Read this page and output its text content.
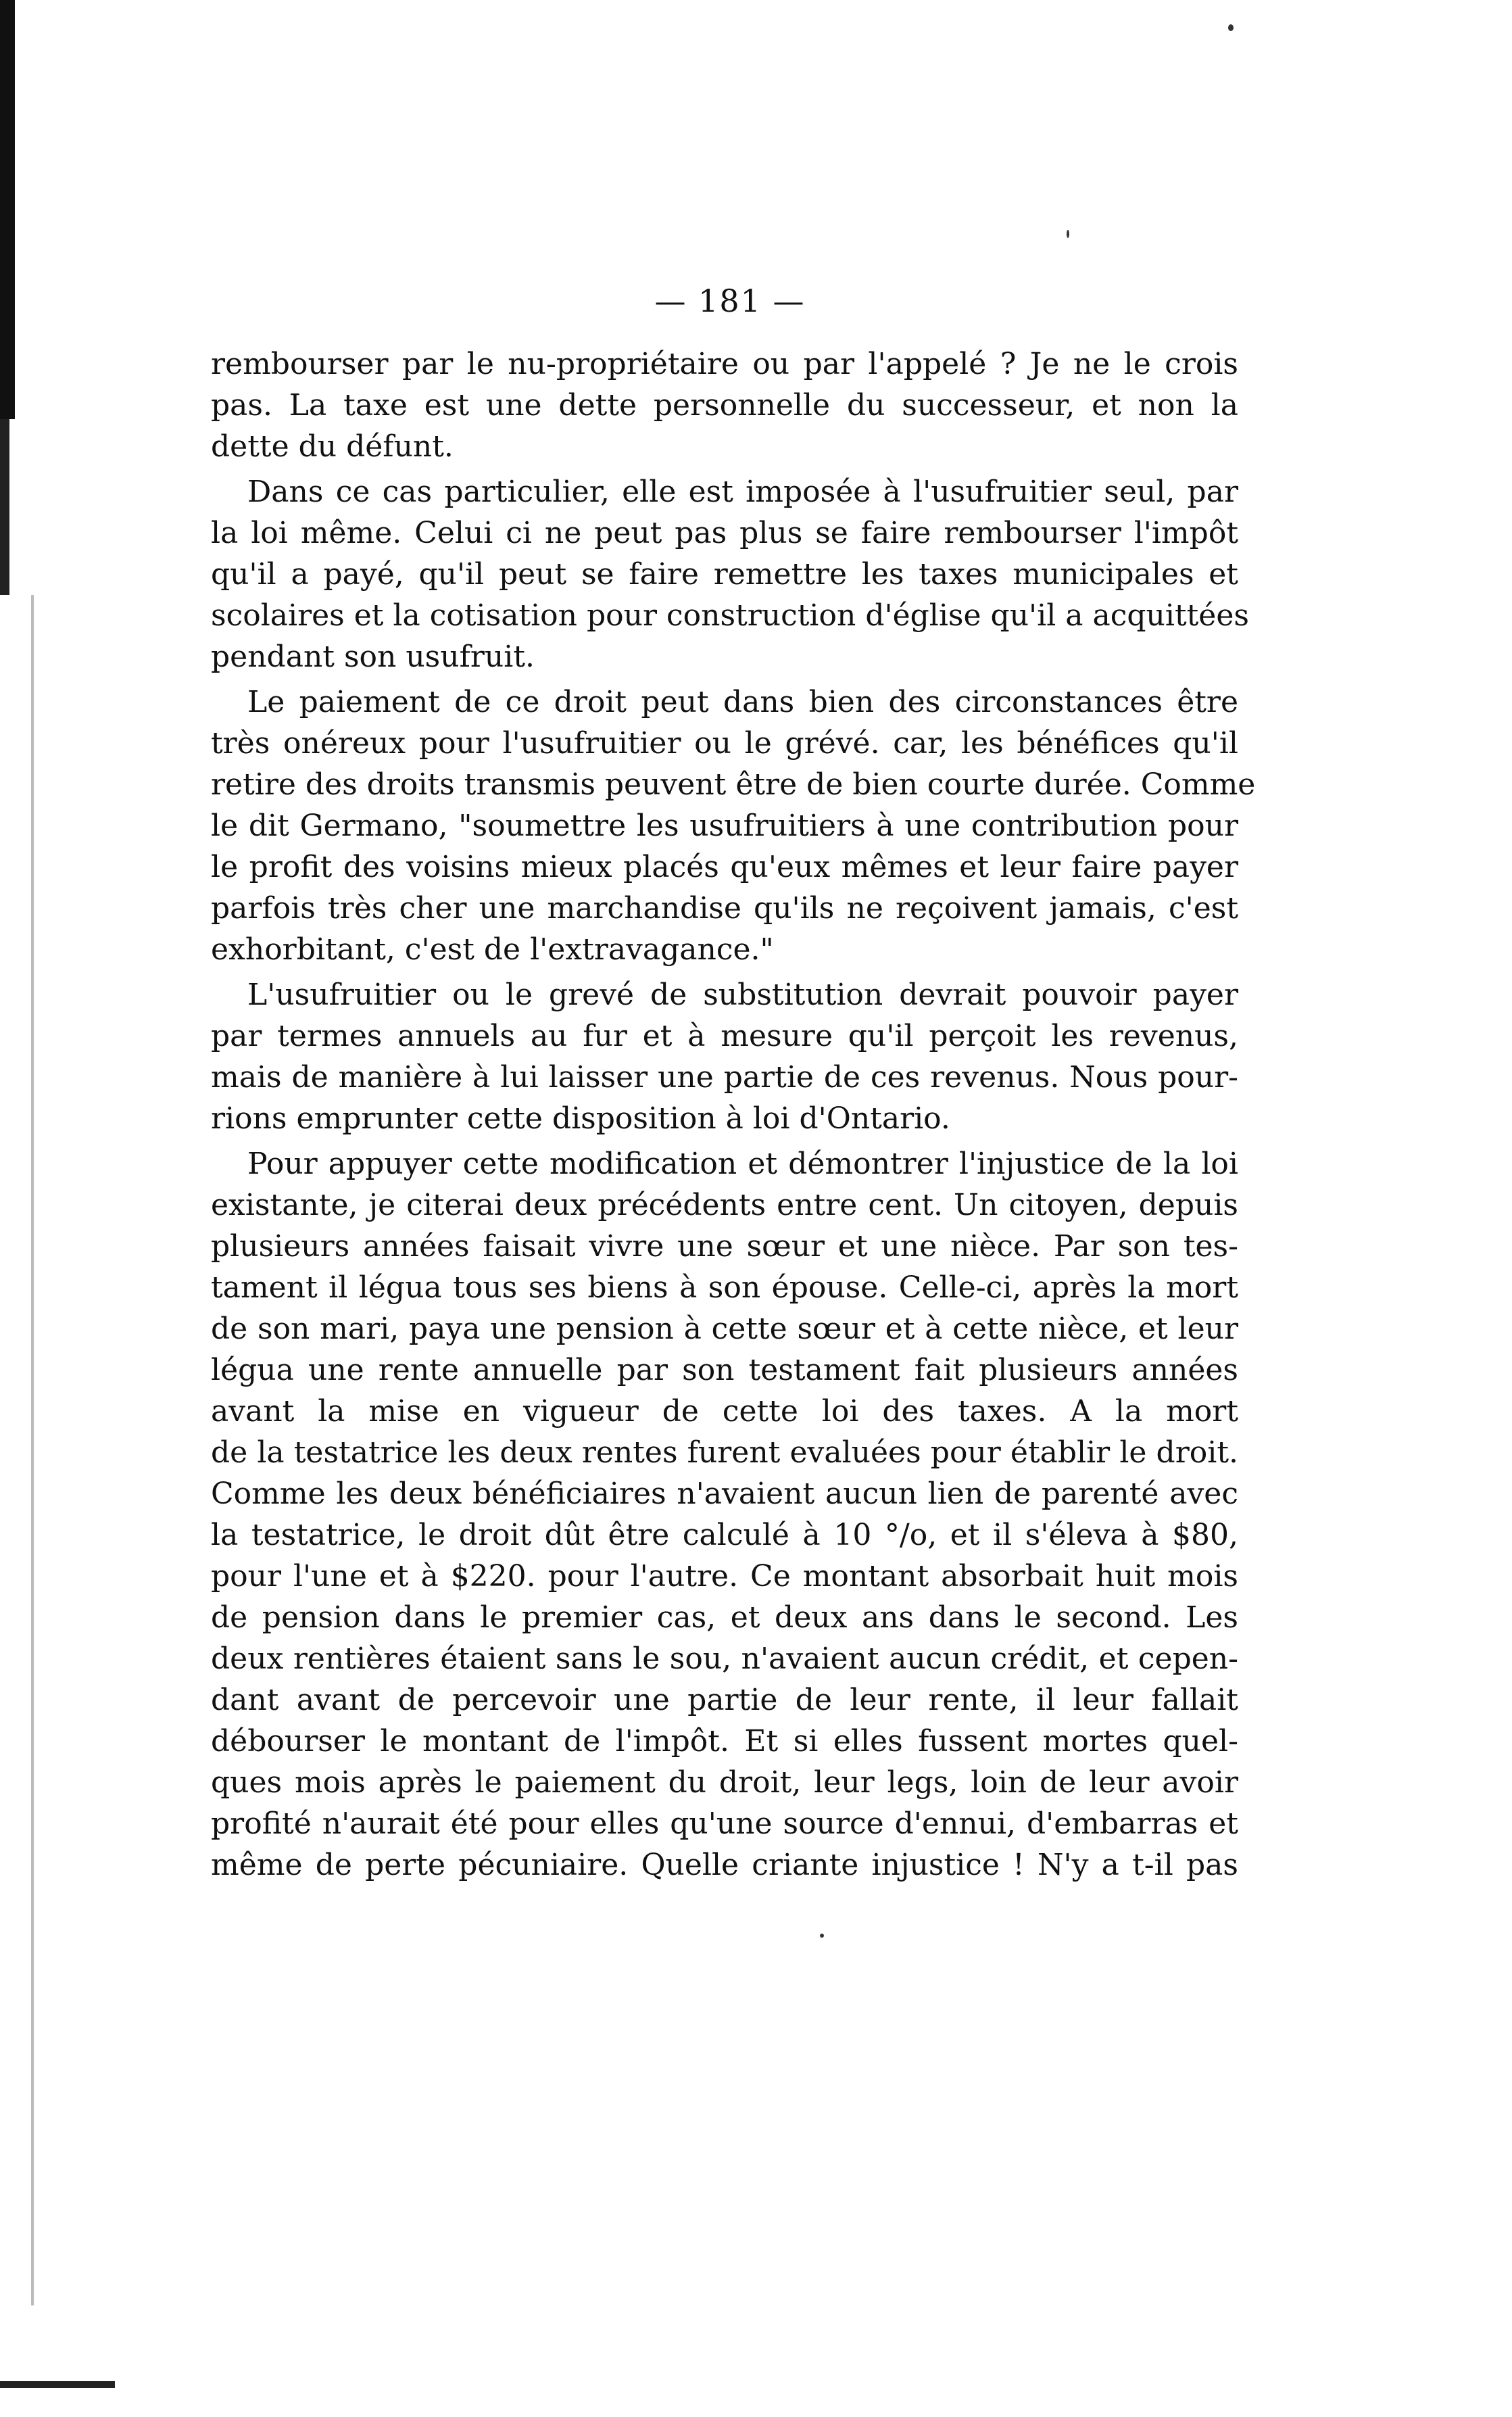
— 181 —
rembourser par le nu-propriétaire ou par l'appelé ? Je ne le crois
pas. La taxe est une dette personnelle du successeur, et non la
dette du défunt.
Dans ce cas particulier, elle est imposée à l'usufruitier seul, par
la loi même. Celui ci ne peut pas plus se faire rembourser l'impôt
qu'il a payé, qu'il peut se faire remettre les taxes municipales et
scolaires et la cotisation pour construction d'église qu'il a acquittées
pendant son usufruit.
Le paiement de ce droit peut dans bien des circonstances être
très onéreux pour l'usufruitier ou le grévé. car, les bénéfices qu'il
retire des droits transmis peuvent être de bien courte durée. Comme
le dit Germano, "soumettre les usufruitiers à une contribution pour
le profit des voisins mieux placés qu'eux mêmes et leur faire payer
parfois très cher une marchandise qu'ils ne reçoivent jamais, c'est
exhorbitant, c'est de l'extravagance."
L'usufruitier ou le grevé de substitution devrait pouvoir payer
par termes annuels au fur et à mesure qu'il perçoit les revenus,
mais de manière à lui laisser une partie de ces revenus. Nous pour-
rions emprunter cette disposition à loi d'Ontario.
Pour appuyer cette modification et démontrer l'injustice de la loi
existante, je citerai deux précédents entre cent. Un citoyen, depuis
plusieurs années faisait vivre une sœur et une nièce. Par son tes-
tament il légua tous ses biens à son épouse. Celle-ci, après la mort
de son mari, paya une pension à cette sœur et à cette nièce, et leur
légua une rente annuelle par son testament fait plusieurs années
avant la mise en vigueur de cette loi des taxes. A la mort
de la testatrice les deux rentes furent evaluées pour établir le droit.
Comme les deux bénéficiaires n'avaient aucun lien de parenté avec
la testatrice, le droit dût être calculé à 10 °/o, et il s'éleva à $80,
pour l'une et à $220. pour l'autre. Ce montant absorbait huit mois
de pension dans le premier cas, et deux ans dans le second. Les
deux rentières étaient sans le sou, n'avaient aucun crédit, et cepen-
dant avant de percevoir une partie de leur rente, il leur fallait
débourser le montant de l'impôt. Et si elles fussent mortes quel-
ques mois après le paiement du droit, leur legs, loin de leur avoir
profité n'aurait été pour elles qu'une source d'ennui, d'embarras et
même de perte pécuniaire. Quelle criante injustice ! N'y a t-il pas
